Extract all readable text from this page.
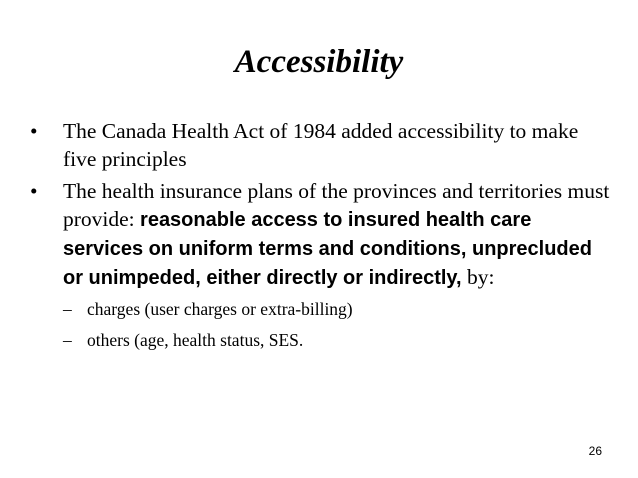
Accessibility
•	The Canada Health Act of 1984 added accessibility to make five principles
•	The health insurance plans of the provinces and territories must provide: reasonable access to insured health care services on uniform terms and conditions, unprecluded or unimpeded, either directly or indirectly, by:
– charges (user charges or extra-billing)
– others (age, health status, SES.
26
